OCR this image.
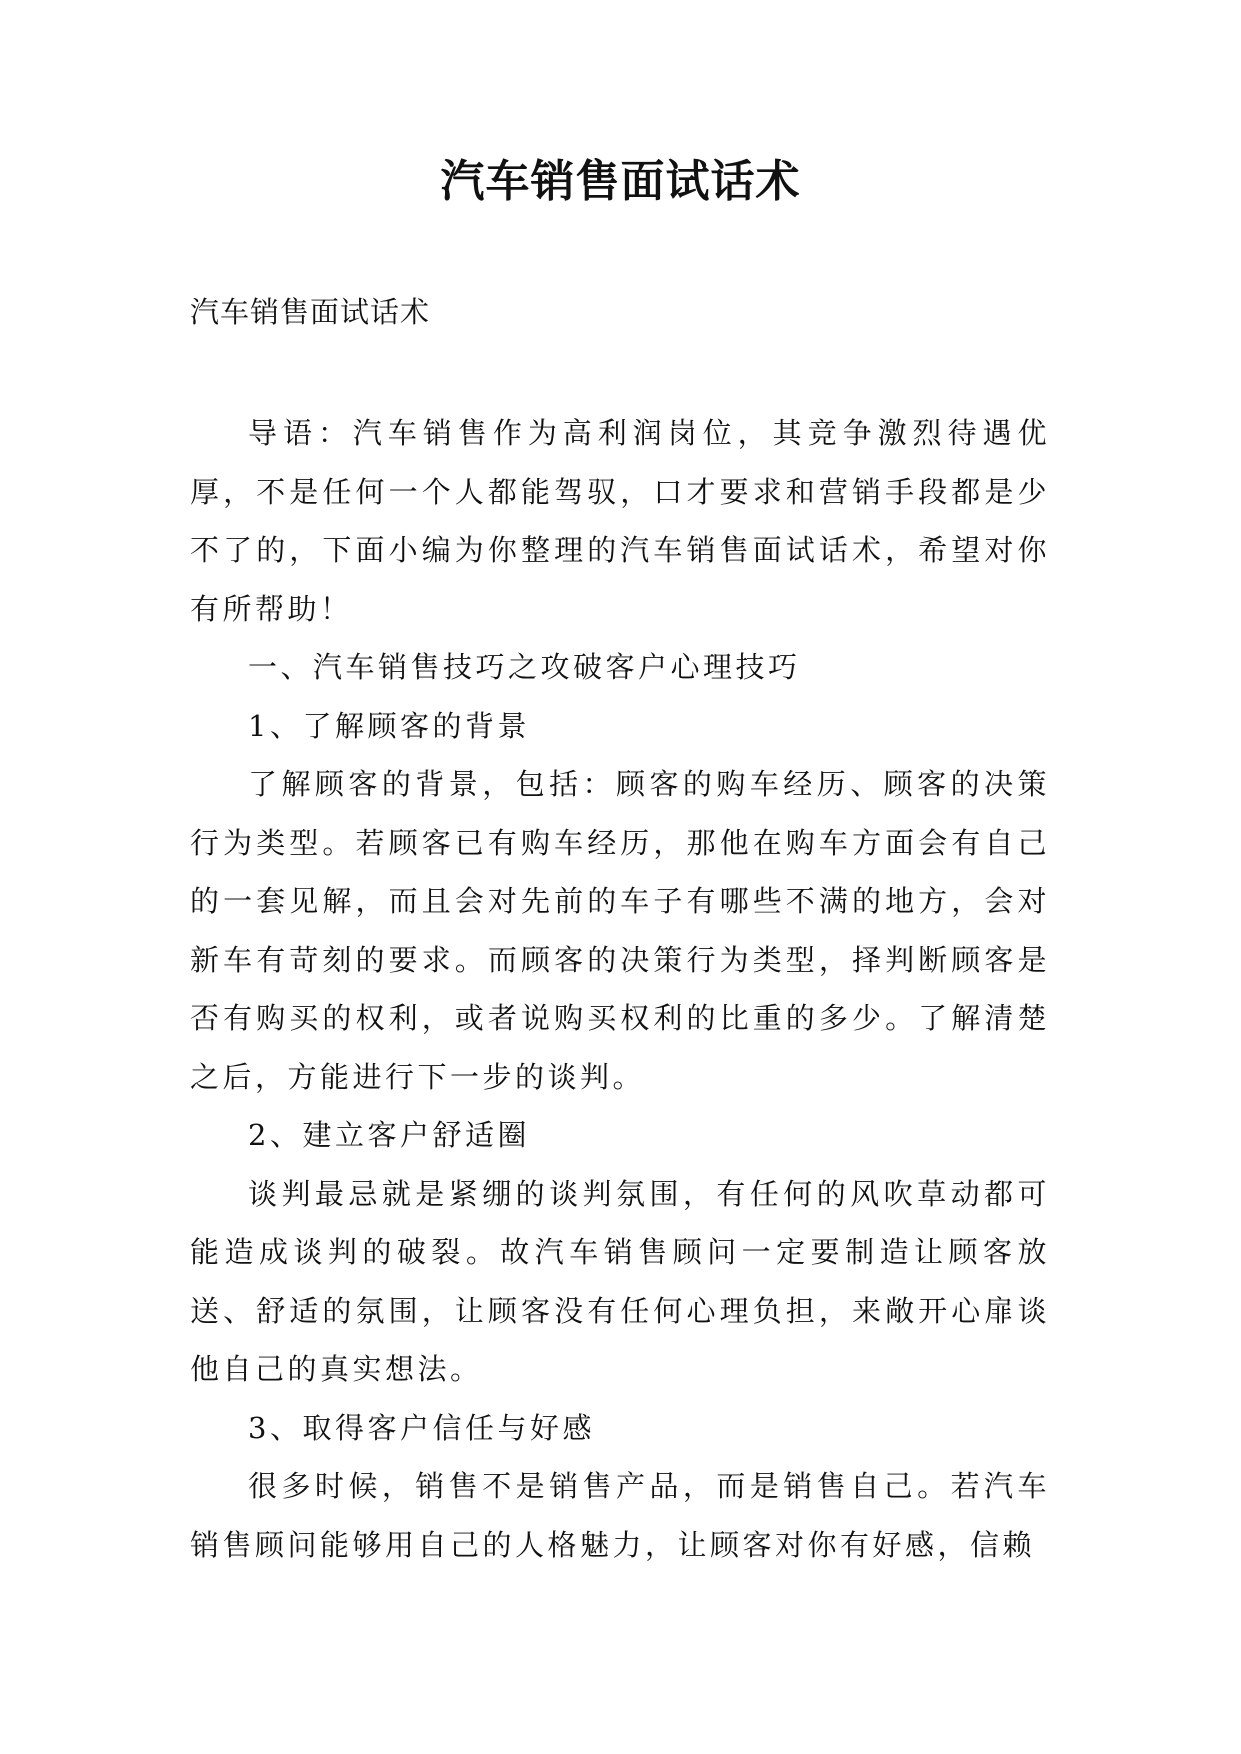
汽车销售面试话术

汽车销售面试话术

导语：汽车销售作为高利润岗位，其竞争激烈待遇优厚，不是任何一个人都能驾驭，口才要求和营销手段都是少不了的，下面小编为你整理的汽车销售面试话术，希望对你有所帮助！

一、汽车销售技巧之攻破客户心理技巧

1、了解顾客的背景

了解顾客的背景，包括：顾客的购车经历、顾客的决策行为类型。若顾客已有购车经历，那他在购车方面会有自己的一套见解，而且会对先前的车子有哪些不满的地方，会对新车有苛刻的要求。而顾客的决策行为类型，择判断顾客是否有购买的权利，或者说购买权利的比重的多少。了解清楚之后，方能进行下一步的谈判。

2、建立客户舒适圈

谈判最忌就是紧绷的谈判氛围，有任何的风吹草动都可能造成谈判的破裂。故汽车销售顾问一定要制造让顾客放送、舒适的氛围，让顾客没有任何心理负担，来敞开心扉谈他自己的真实想法。

3、取得客户信任与好感

很多时候，销售不是销售产品，而是销售自己。若汽车销售顾问能够用自己的人格魅力，让顾客对你有好感，信赖
